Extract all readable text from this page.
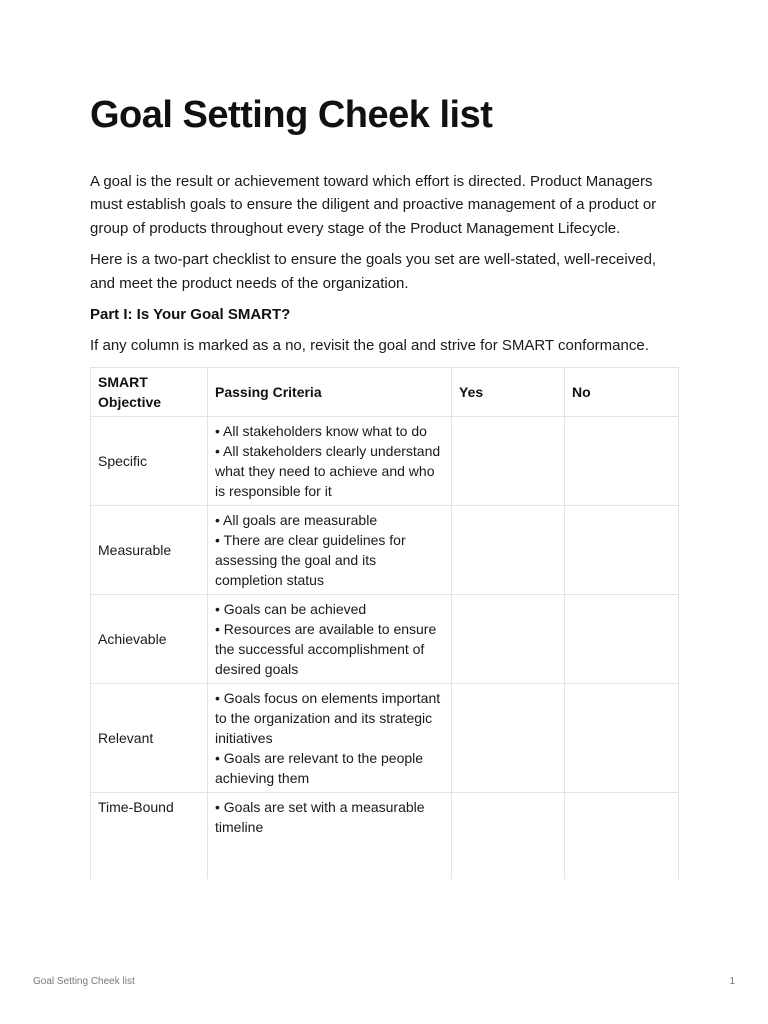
Goal Setting Cheek list

A goal is the result or achievement toward which effort is directed. Product Managers must establish goals to ensure the diligent and proactive management of a product or group of products throughout every stage of the Product Management Lifecycle.

Here is a two-part checklist to ensure the goals you set are well-stated, well-received, and meet the product needs of the organization.

Part I: Is Your Goal SMART?

If any column is marked as a no, revisit the goal and strive for SMART conformance.

SMART Objective	Passing Criteria	Yes	No
Specific	• All stakeholders know what to do
• All stakeholders clearly understand what they need to achieve and who is responsible for it		

Measurable	• All goals are measurable
• There are clear guidelines for assessing the goal and its completion status		

Achievable	• Goals can be achieved
• Resources are available to ensure the successful accomplishment of desired goals		

Relevant	• Goals focus on elements important to the organization and its strategic initiatives
• Goals are relevant to the people achieving them		

Time-Bound	• Goals are set with a measurable timeline		

Goal Setting Cheek list	1
